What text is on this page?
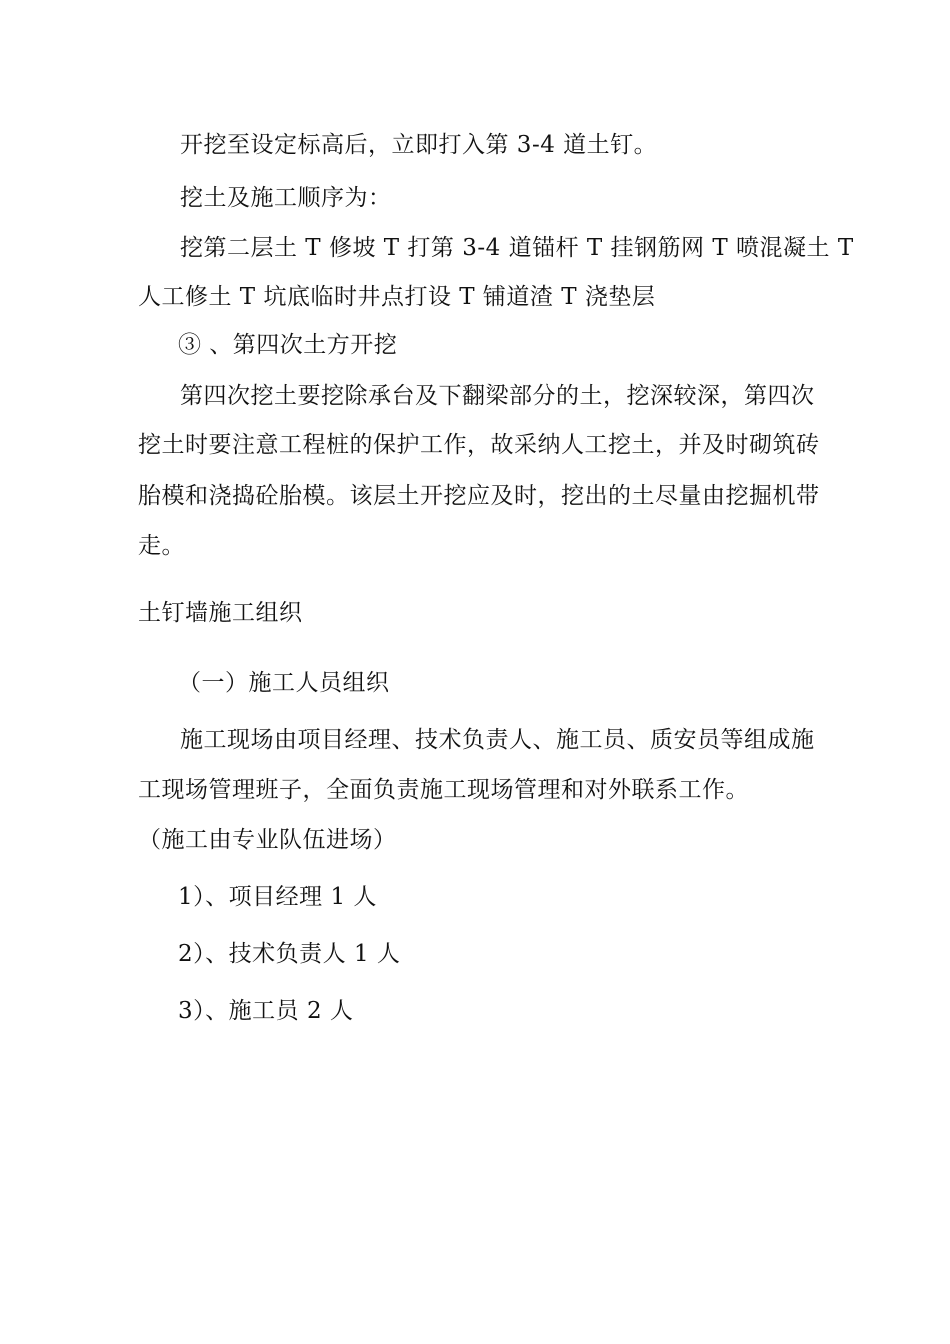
开挖至设定标高后，立即打入第 3-4 道土钉。
挖土及施工顺序为：
挖第二层土 T 修坡 T 打第 3-4 道锚杆 T 挂钢筋网 T 喷混凝土 T
人工修土 T 坑底临时井点打设 T 铺道渣 T 浇垫层
③ 、第四次土方开挖
第四次挖土要挖除承台及下翻梁部分的土，挖深较深，第四次
挖土时要注意工程桩的保护工作，故采纳人工挖土，并及时砌筑砖
胎模和浇捣砼胎模。该层土开挖应及时，挖出的土尽量由挖掘机带
走。
土钉墙施工组织
（一）施工人员组织
施工现场由项目经理、技术负责人、施工员、质安员等组成施
工现场管理班子，全面负责施工现场管理和对外联系工作。
（施工由专业队伍进场）
1）、项目经理 1 人
2）、技术负责人 1 人
3）、施工员 2 人
